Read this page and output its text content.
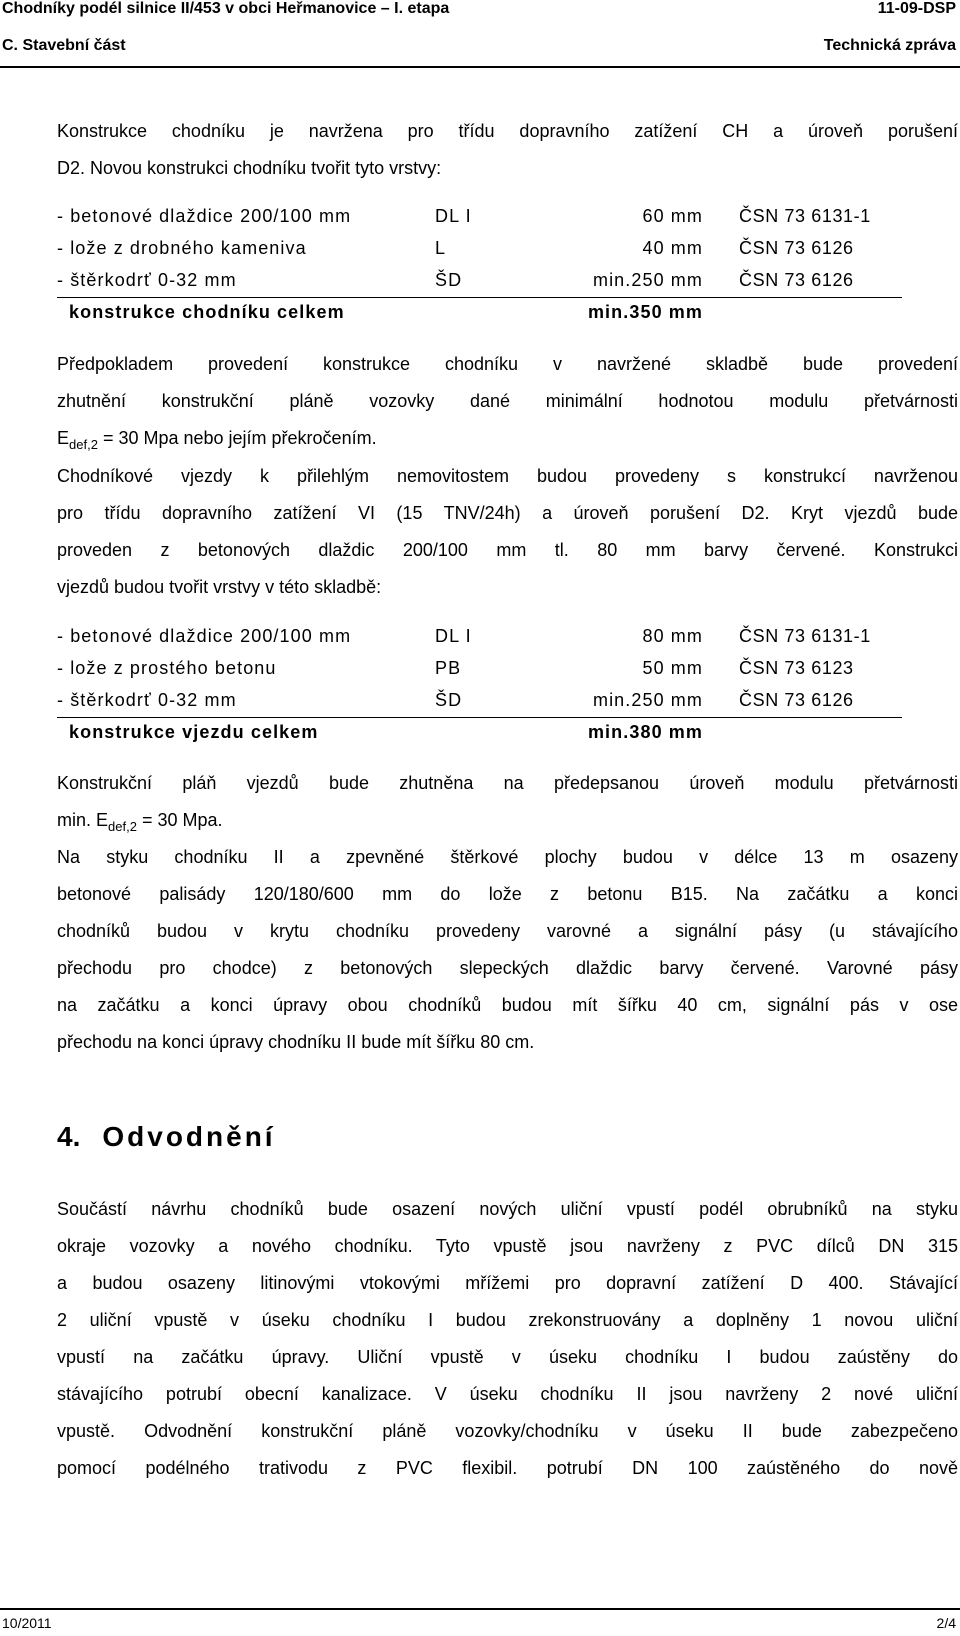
Chodníky podél silnice II/453 v obci Heřmanovice – I. etapa	11-09-DSP
C. Stavební část	Technická zpráva
Konstrukce chodníku je navržena pro třídu dopravního zatížení CH a úroveň porušení
D2. Novou konstrukci chodníku tvořit tyto vrstvy:
- betonové dlaždice 200/100 mm	DL I	60 mm ČSN 73 6131-1
- lože z drobného kameniva	L	40 mm ČSN 73 6126
- štěrkodrť 0-32 mm	ŠD	min.250 mm ČSN 73 6126
konstrukce chodníku celkem	min.350 mm
Předpokladem provedení konstrukce chodníku v navržené skladbě bude provedení
zhutnění konstrukční pláně vozovky dané minimální hodnotou modulu přetvárnosti
$E_{def,2} = 30$ Mpa nebo jejím překročením.
Chodníkové vjezdy k přilehlým nemovitostem budou provedeny s konstrukcí navrženou
pro třídu dopravního zatížení VI (15 TNV/24h) a úroveň porušení D2. Kryt vjezdů bude
proveden z betonových dlaždic 200/100 mm tl. 80 mm barvy červené. Konstrukci
vjezdů budou tvořit vrstvy v této skladbě:
- betonové dlaždice 200/100 mm	DL I	80 mm ČSN 73 6131-1
- lože z prostého betonu	PB	50 mm ČSN 73 6123
- štěrkodrť 0-32 mm	ŠD	min.250 mm ČSN 73 6126
konstrukce vjezdu celkem	min.380 mm
Konstrukční pláň vjezdů bude zhutněna na předepsanou úroveň modulu přetvárnosti
min. $E_{def,2} = 30$ Mpa.
Na styku chodníku II a zpevněné štěrkové plochy budou v délce 13 m osazeny
betonové palisády 120/180/600 mm do lože z betonu B15. Na začátku a konci
chodníků budou v krytu chodníku provedeny varovné a signální pásy (u stávajícího
přechodu pro chodce) z betonových slepeckých dlaždic barvy červené. Varovné pásy
na začátku a konci úpravy obou chodníků budou mít šířku 40 cm, signální pás v ose
přechodu na konci úpravy chodníku II bude mít šířku 80 cm.
4. Odvodnění
Součástí návrhu chodníků bude osazení nových uliční vpustí podél obrubníků na styku
okraje vozovky a nového chodníku. Tyto vpustě jsou navrženy z PVC dílců DN 315
a budou osazeny litinovými vtokovými mřížemi pro dopravní zatížení D 400. Stávající
2 uliční vpustě v úseku chodníku I budou zrekonstruovány a doplněny 1 novou uliční
vpustí na začátku úpravy. Uliční vpustě v úseku chodníku I budou zaústěny do
stávajícího potrubí obecní kanalizace. V úseku chodníku II jsou navrženy 2 nové uliční
vpustě. Odvodnění konstrukční pláně vozovky/chodníku v úseku II bude zabezpečeno
pomocí podélného trativodu z PVC flexibil. potrubí DN 100 zaústěného do nově
10/2011	2/4
